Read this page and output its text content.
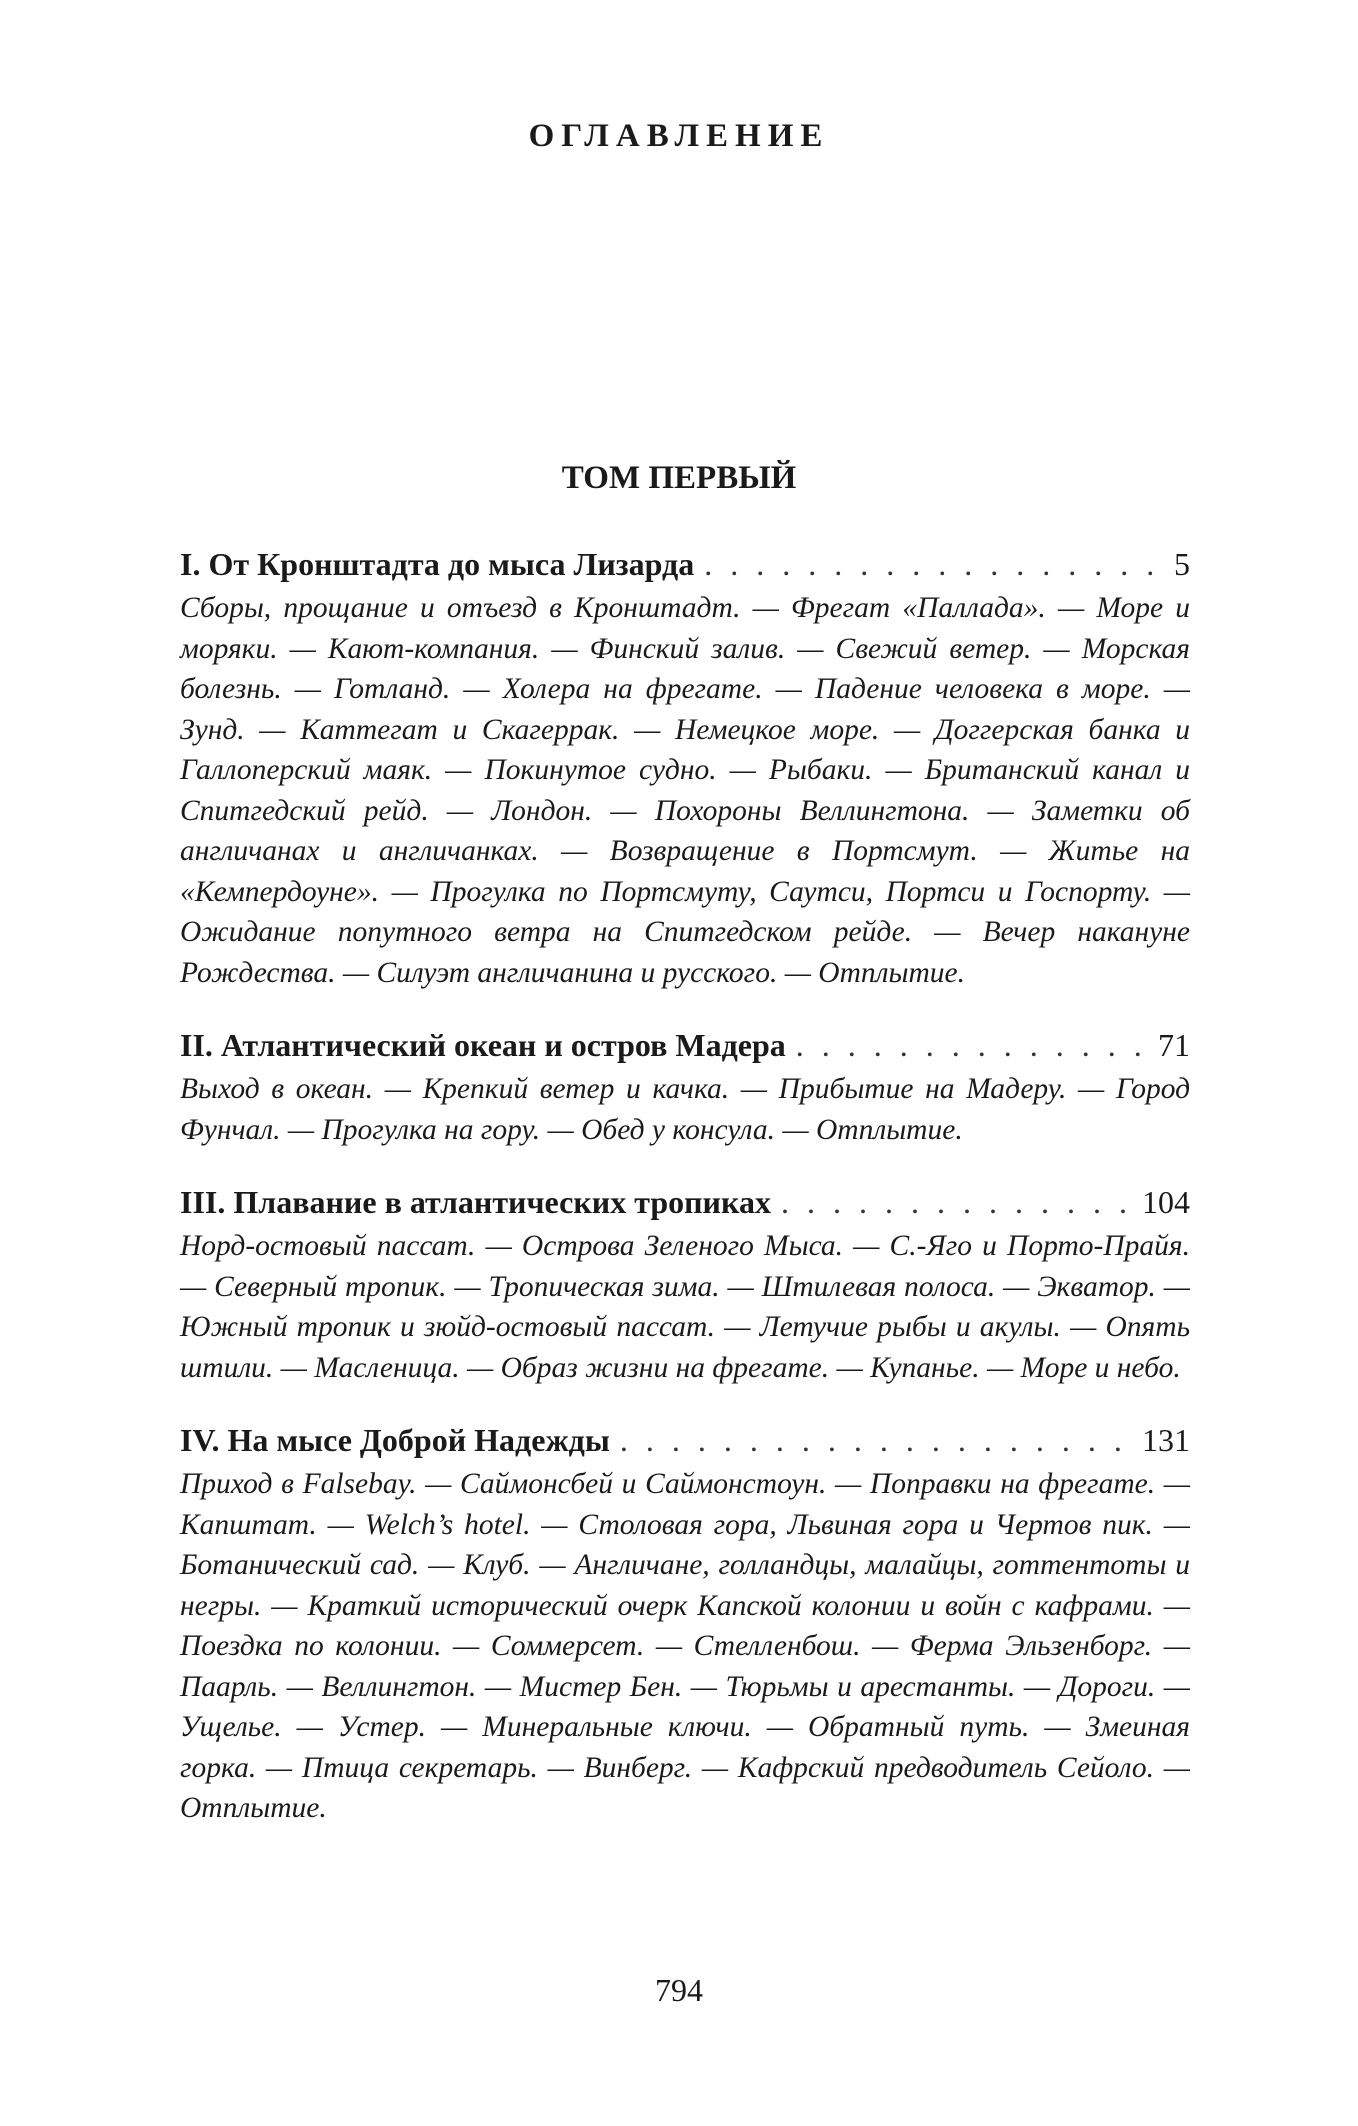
ОГЛАВЛЕНИЕ
ТОМ ПЕРВЫЙ
I. От Кронштадта до мыса Лизарда . . .	5
Сборы, прощание и отъезд в Кронштадт. — Фрегат «Паллада». — Море и моряки. — Кают-компания. — Финский залив. — Свежий ветер. — Морская болезнь. — Готланд. — Холера на фрегате. — Падение человека в море. — Зунд. — Каттегат и Скагеррак. — Немецкое море. — Доггерская банка и Галлоперский маяк. — Покинутое судно. — Рыбаки. — Британский канал и Спитгедский рейд. — Лондон. — Похороны Веллингтона. — Заметки об англичанах и англичанках. — Возвращение в Портсмут. — Житье на «Кемпердоуне». — Прогулка по Портсмуту, Саутси, Портси и Госпорту. — Ожидание попутного ветра на Спитгедском рейде. — Вечер накануне Рождества. — Силуэт англичанина и русского. — Отплытие.
II. Атлантический океан и остров Мадера . . .	71
Выход в океан. — Крепкий ветер и качка. — Прибытие на Мадеру. — Город Фунчал. — Прогулка на гору. — Обед у консула. — Отплытие.
III. Плавание в атлантических тропиках . . .	104
Норд-остовый пассат. — Острова Зеленого Мыса. — С.-Яго и Порто-Прайя. — Северный тропик. — Тропическая зима. — Штилевая полоса. — Экватор. — Южный тропик и зюйд-остовый пассат. — Летучие рыбы и акулы. — Опять штили. — Масленица. — Образ жизни на фрегате. — Купанье. — Море и небо.
IV. На мысе Доброй Надежды . . .	131
Приход в Falsebay. — Саймонсбей и Саймонстоун. — Поправки на фрегате. — Капштат. — Welch’s hotel. — Столовая гора, Львиная гора и Чертов пик. — Ботанический сад. — Клуб. — Англичане, голландцы, малайцы, готтентоты и негры. — Краткий исторический очерк Капской колонии и войн с кафрами. — Поездка по колонии. — Соммерсет. — Стелленбош. — Ферма Эльзенборг. — Паарль. — Веллингтон. — Мистер Бен. — Тюрьмы и арестанты. — Дороги. — Ущелье. — Устер. — Минеральные ключи. — Обратный путь. — Змеиная горка. — Птица секретарь. — Винберг. — Кафрский предводитель Сейоло. — Отплытие.
794
